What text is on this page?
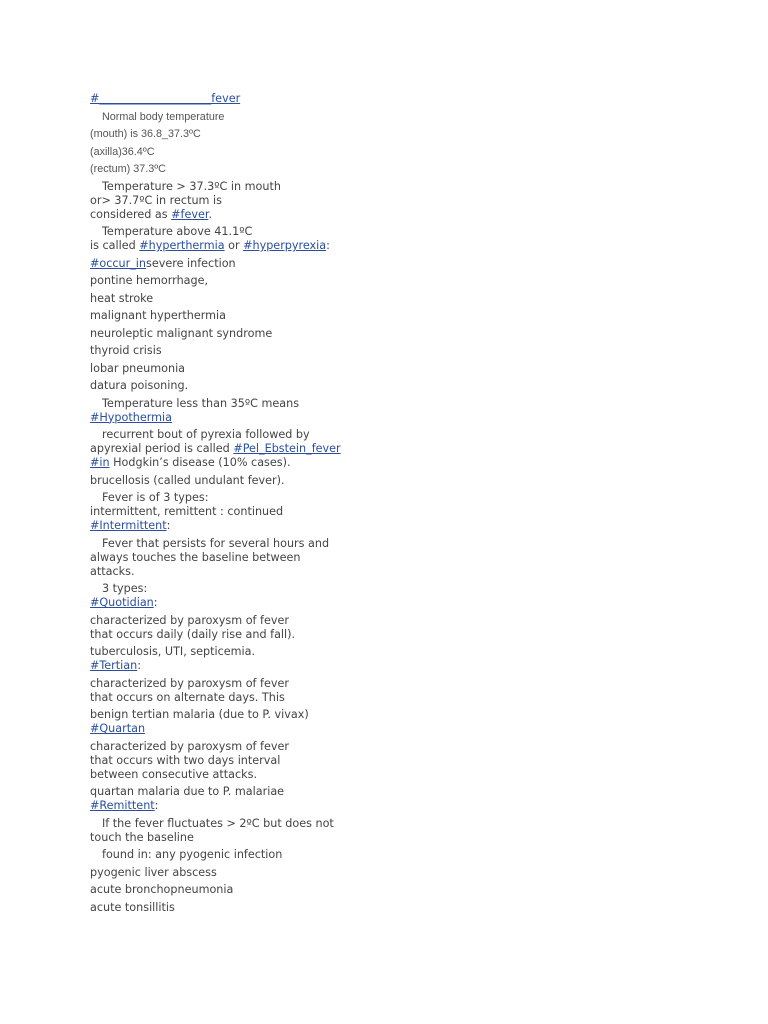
#____________________fever
Normal body temperature
(mouth) is 36.8_37.3ºC
(axilla)36.4ºC
(rectum) 37.3ºC
Temperature > 37.3ºC in mouth
or> 37.7ºC in rectum is
considered as #fever.
Temperature above 41.1ºC
is called #hyperthermia or #hyperpyrexia:
#occur_insevere infection
pontine hemorrhage,
heat stroke
malignant hyperthermia
neuroleptic malignant syndrome
thyroid crisis
lobar pneumonia
datura poisoning.
Temperature less than 35ºC means
#Hypothermia
recurrent bout of pyrexia followed by
apyrexial period is called #Pel_Ebstein_fever
#in Hodgkin’s disease (10% cases).
brucellosis (called undulant fever).
Fever is of 3 types:
intermittent, remittent : continued
#Intermittent:
Fever that persists for several hours and
always touches the baseline between
attacks.
3 types:
#Quotidian:
characterized by paroxysm of fever
that occurs daily (daily rise and fall).
tuberculosis, UTI, septicemia.
#Tertian:
characterized by paroxysm of fever
that occurs on alternate days. This
benign tertian malaria (due to P. vivax)
#Quartan
characterized by paroxysm of fever
that occurs with two days interval
between consecutive attacks.
quartan malaria due to P. malariae
#Remittent:
If the fever fluctuates > 2ºC but does not
touch the baseline
found in: any pyogenic infection
pyogenic liver abscess
acute bronchopneumonia
acute tonsillitis
